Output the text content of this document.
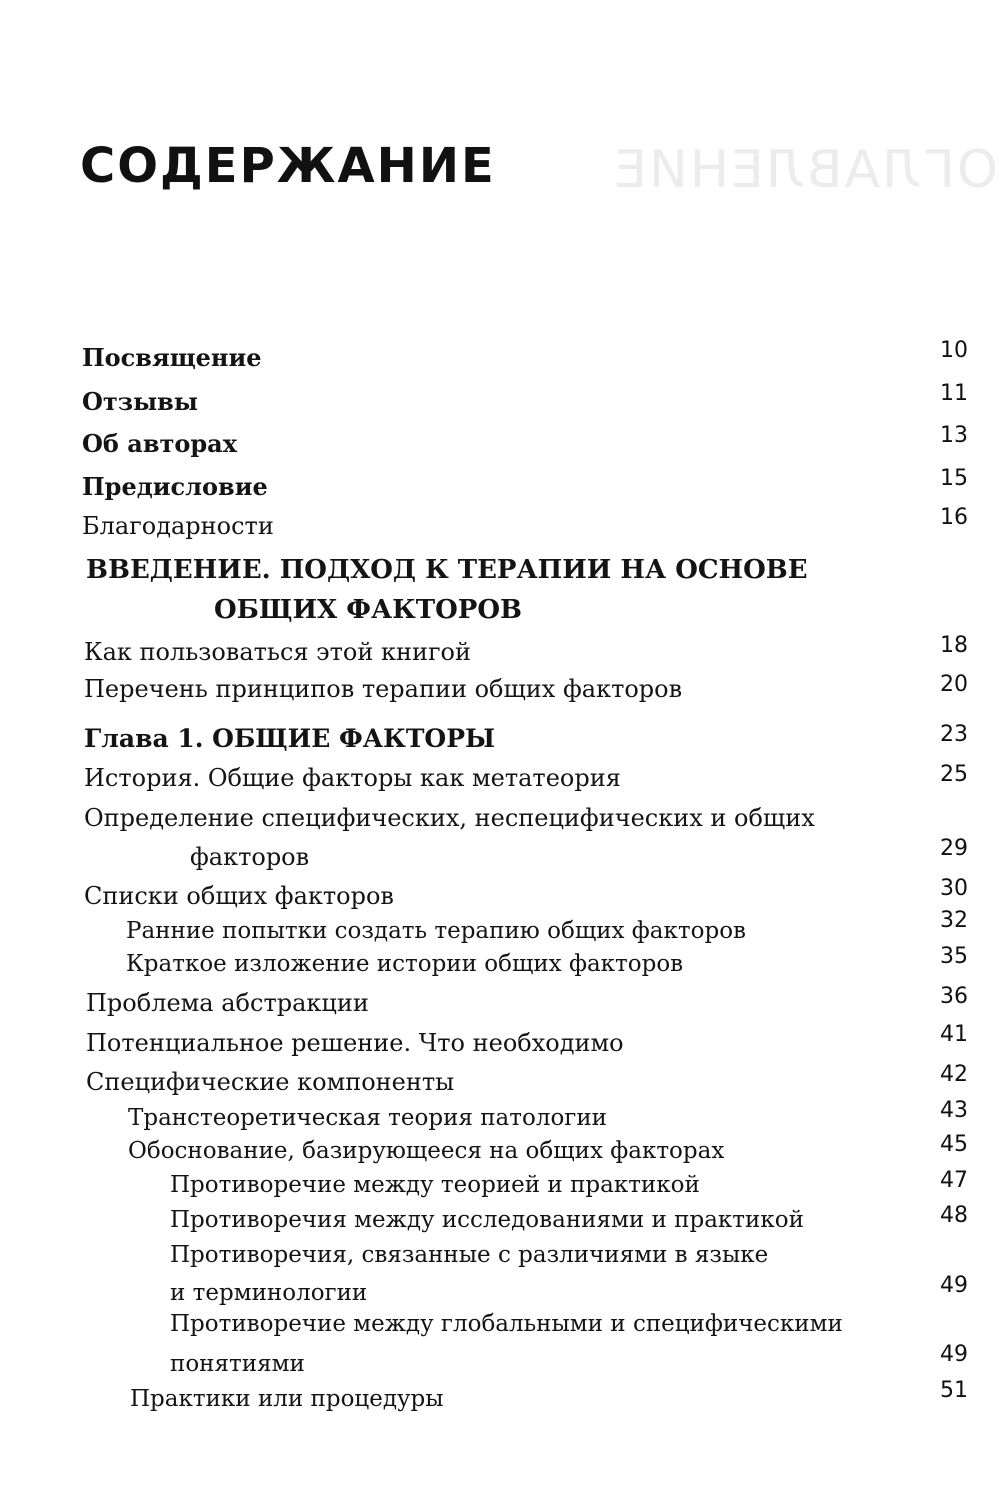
ОГЛАВЛЕНИЕ
СОДЕРЖАНИЕ
Посвящение	10
Отзывы	11
Об авторах	13
Предисловие	15
Благодарности	16
ВВЕДЕНИЕ. ПОДХОД К ТЕРАПИИ НА ОСНОВЕ
ОБЩИХ ФАКТОРОВ
Как пользоваться этой книгой	18
Перечень принципов терапии общих факторов	20
Глава 1. ОБЩИЕ ФАКТОРЫ	23
История. Общие факторы как метатеория	25
Определение специфических, неспецифических и общих
факторов	29
Списки общих факторов	30
Ранние попытки создать терапию общих факторов	32
Краткое изложение истории общих факторов	35
Проблема абстракции	36
Потенциальное решение. Что необходимо	41
Специфические компоненты	42
Транстеоретическая теория патологии	43
Обоснование, базирующееся на общих факторах	45
Противоречие между теорией и практикой	47
Противоречия между исследованиями и практикой	48
Противоречия, связанные с различиями в языке
и терминологии	49
Противоречие между глобальными и специфическими
понятиями	49
Практики или процедуры	51
